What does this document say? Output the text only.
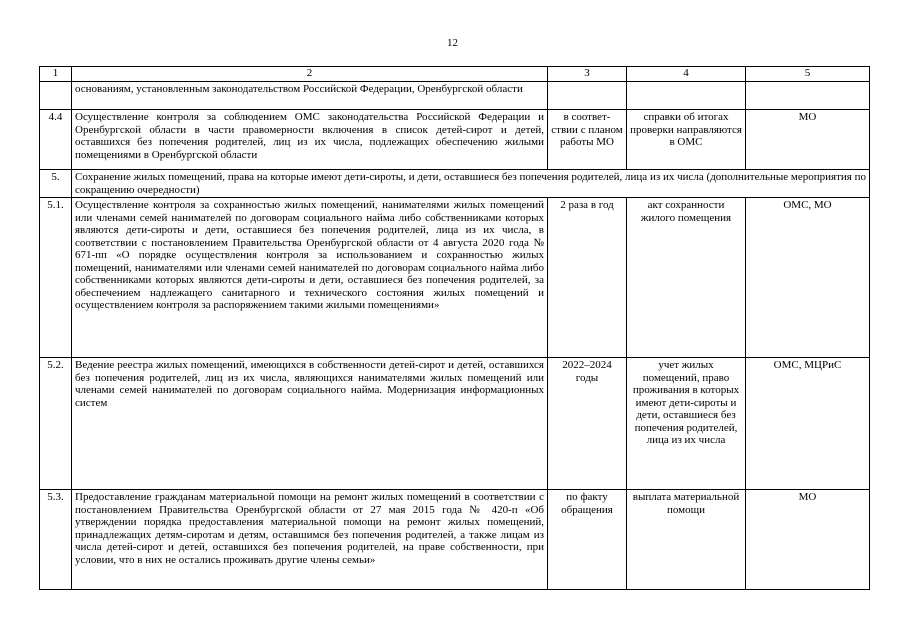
12
1	2	3	4	5
	основаниям, установленным законодательством Российской Федерации, Оренбургской области			
4.4	Осуществление контроля за соблюдением ОМС законодательства Российской Федерации и Оренбургской области в части правомерности включения в список детей-сирот и детей, оставшихся без попечения родителей, лиц из их числа, подлежащих обеспечению жилыми помещениями в Оренбургской области	в соответ-ствии с планом работы МО	справки об итогах проверки направляются в ОМС	МО
5.	Сохранение жилых помещений, права на которые имеют дети-сироты, и дети, оставшиеся без попечения родителей, лица из их числа (дополнительные мероприятия по сокращению очередности)			
5.1.	Осуществление контроля за сохранностью жилых помещений, нанимателями жилых помещений или членами семей нанимателей по договорам социального найма либо собственниками которых являются дети-сироты и дети, оставшиеся без попечения родителей, лица из их числа, в соответствии с постановлением Правительства Оренбургской области от 4 августа 2020 года № 671-пп «О порядке осуществления контроля за использованием и сохранностью жилых помещений, нанимателями или членами семей нанимателей по договорам социального найма либо собственниками которых являются дети-сироты и дети, оставшиеся без попечения родителей, за обеспечением надлежащего санитарного и технического состояния жилых помещений и осуществлением контроля за распоряжением такими жилыми помещениями»	2 раза в год	акт сохранности жилого помещения	ОМС, МО
5.2.	Ведение реестра жилых помещений, имеющихся в собственности детей-сирот и детей, оставшихся без попечения родителей, лиц из их числа, являющихся нанимателями жилых помещений или членами семей нанимателей по договорам социального найма. Модернизация информационных систем	2022–2024 годы	учет жилых помещений, право проживания в которых имеют дети-сироты и дети, оставшиеся без попечения родителей, лица из их числа	ОМС, МЦРиС
5.3.	Предоставление гражданам материальной помощи на ремонт жилых помещений в соответствии с постановлением Правительства Оренбургской области от 27 мая 2015 года № 420-п «Об утверждении порядка предоставления материальной помощи на ремонт жилых помещений, принадлежащих детям-сиротам и детям, оставшимся без попечения родителей, а также лицам из числа детей-сирот и детей, оставшихся без попечения родителей, на праве собственности, при условии, что в них не остались проживать другие члены семьи»	по факту обращения	выплата материальной помощи	МО
